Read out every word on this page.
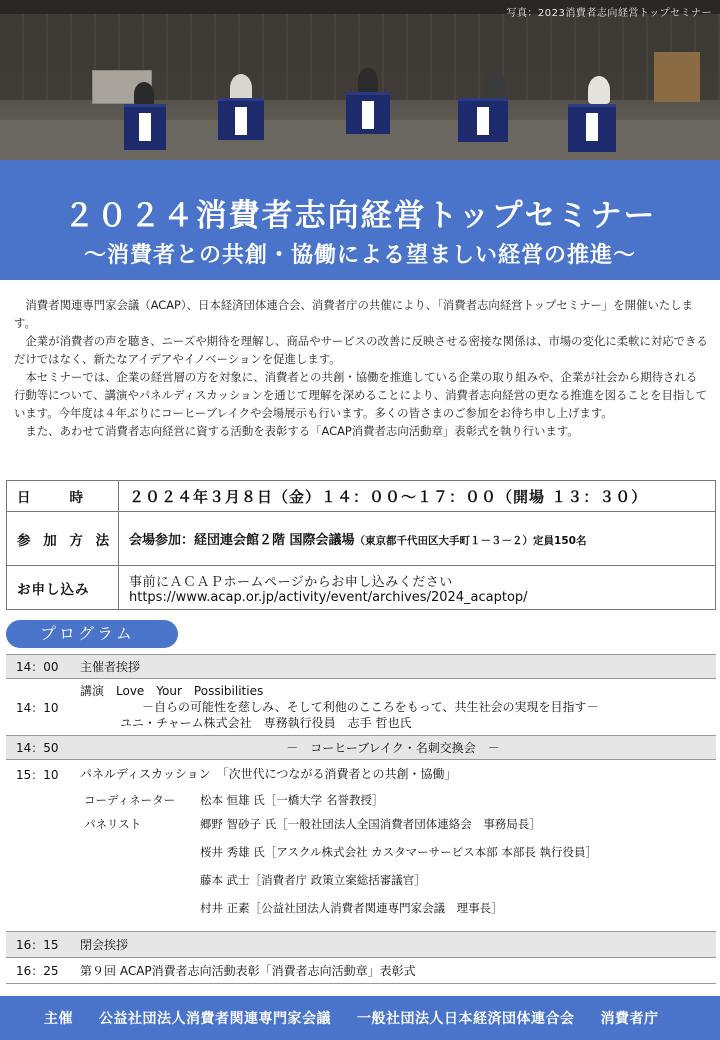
写真：2023消費者志向経営トップセミナー
２０２４消費者志向経営トップセミナー
～消費者との共創・協働による望ましい経営の推進～

消費者関連専門家会議（ACAP）、日本経済団体連合会、消費者庁の共催により、「消費者志向経営トップセミナー」を開催いたします。

企業が消費者の声を聴き、ニーズや期待を理解し、商品やサービスの改善に反映させる密接な関係は、市場の変化に柔軟に対応できるだけではなく、新たなアイデアやイノベーションを促進します。

本セミナーでは、企業の経営層の方を対象に、消費者との共創・協働を推進している企業の取り組みや、企業が社会から期待される行動等について、講演やパネルディスカッションを通じて理解を深めることにより、消費者志向経営の更なる推進を図ることを目指しています。今年度は４年ぶりにコーヒーブレイクや会場展示も行います。多くの皆さまのご参加をお待ち申し上げます。

また、あわせて消費者志向経営に資する活動を表彰する「ACAP消費者志向活動章」表彰式を執り行います。

日　　時	２０２４年３月８日（金）１４：００～１７：００（開場 １３：３０）
参 加 方 法	会場参加：経団連会館２階 国際会議場（東京都千代田区大手町１－３－２）定員150名
お申し込み	事前にＡＣＡＰホームページからお申し込みください
https://www.acap.or.jp/activity/event/archives/2024_acaptop/
プログラム
14：00	主催者挨拶
14：10
講演　Love　Your　Possibilities
－自らの可能性を慈しみ、そして利他のこころをもって、共生社会の実現を目指す－
ユニ・チャーム株式会社　専務執行役員　志手 哲也氏
14：50	－　コーヒーブレイク・名刺交換会　－
15：10	パネルディスカッション　「次世代につながる消費者との共創・協働」
コーディネーター	松本 恒雄 氏［一橋大学 名誉教授］
パネリスト	郷野 智砂子 氏［一般社団法人全国消費者団体連絡会　事務局長］
桜井 秀雄 氏［アスクル株式会社 カスタマーサービス本部 本部長 執行役員］
藤本 武士［消費者庁 政策立案総括審議官］
村井 正素［公益社団法人消費者関連専門家会議　理事長］
16：15	閉会挨拶
16：25	第９回 ACAP消費者志向活動表彰「消費者志向活動章」表彰式
主催 公益社団法人消費者関連専門家会議 一般社団法人日本経済団体連合会 消費者庁
